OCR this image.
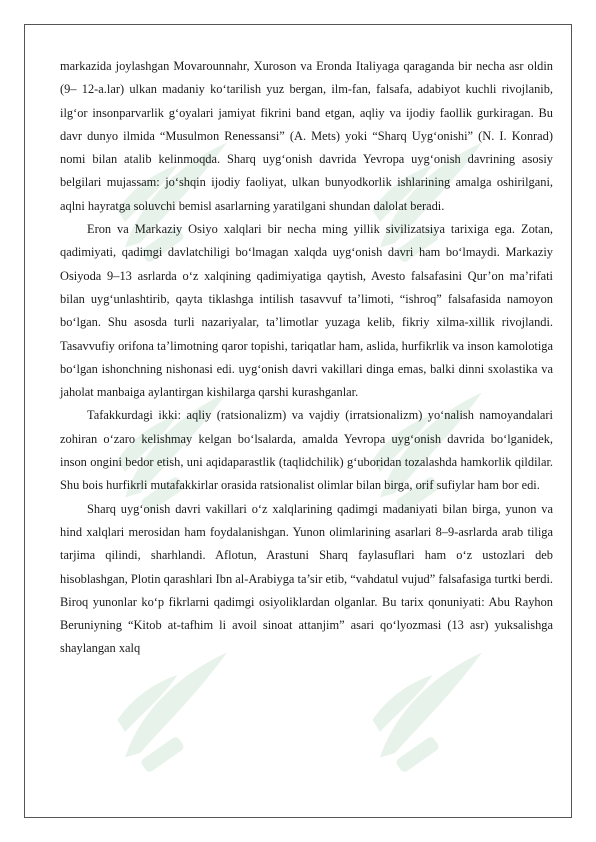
markazida joylashgan Movarounnahr, Xuroson va Eronda Italiyaga qaraganda bir necha asr oldin (9– 12-a.lar) ulkan madaniy ko‘tarilish yuz bergan, ilm-fan, falsafa, adabiyot kuchli rivojlanib, ilg‘or insonparvarlik g‘oyalari jamiyat fikrini band etgan, aqliy va ijodiy faollik gurkiragan. Bu davr dunyo ilmida “Musulmon Renessansi” (A. Mets) yoki “Sharq Uyg‘onishi” (N. I. Konrad) nomi bilan atalib kelinmoqda. Sharq uyg‘onish davrida Yevropa uyg‘onish davrining asosiy belgilari mujassam: jo‘shqin ijodiy faoliyat, ulkan bunyodkorlik ishlarining amalga oshirilgani, aqlni hayratga soluvchi bemisl asarlarning yaratilgani shundan dalolat beradi.

Eron va Markaziy Osiyo xalqlari bir necha ming yillik sivilizatsiya tarixiga ega. Zotan, qadimiyati, qadimgi davlatchiligi bo‘lmagan xalqda uyg‘onish davri ham bo‘lmaydi. Markaziy Osiyoda 9–13 asrlarda o‘z xalqining qadimiyatiga qaytish, Avesto falsafasini Qur’on ma’rifati bilan uyg‘unlashtirib, qayta tiklashga intilish tasavvuf ta’limoti, “ishroq” falsafasida namoyon bo‘lgan. Shu asosda turli nazariyalar, ta’limotlar yuzaga kelib, fikriy xilma-xillik rivojlandi. Tasavvufiy orifona ta’limotning qaror topishi, tariqatlar ham, aslida, hurfikrlik va inson kamolotiga bo‘lgan ishonchning nishonasi edi. uyg‘onish davri vakillari dinga emas, balki dinni sxolastika va jaholat manbaiga aylantirgan kishilarga qarshi kurashganlar.

Tafakkurdagi ikki: aqliy (ratsionalizm) va vajdiy (irratsionalizm) yo‘nalish namoyandalari zohiran o‘zaro kelishmay kelgan bo‘lsalarda, amalda Yevropa uyg‘onish davrida bo‘lganidek, inson ongini bedor etish, uni aqidaparastlik (taqlidchilik) g‘uboridan tozalashda hamkorlik qildilar. Shu bois hurfikrli mutafakkirlar orasida ratsionalist olimlar bilan birga, orif sufiylar ham bor edi.

Sharq uyg‘onish davri vakillari o‘z xalqlarining qadimgi madaniyati bilan birga, yunon va hind xalqlari merosidan ham foydalanishgan. Yunon olimlarining asarlari 8–9-asrlarda arab tiliga tarjima qilindi, sharhlandi. Aflotun, Arastuni Sharq faylasuflari ham o‘z ustozlari deb hisoblashgan, Plotin qarashlari Ibn al-Arabiyga ta’sir etib, “vahdatul vujud” falsafasiga turtki berdi. Biroq yunonlar ko‘p fikrlarni qadimgi osiyoliklardan olganlar. Bu tarix qonuniyati: Abu Rayhon Beruniyning “Kitob at-tafhim li avoil sinoat attanjim” asari qo‘lyozmasi (13 asr) yuksalishga shaylangan xalq
